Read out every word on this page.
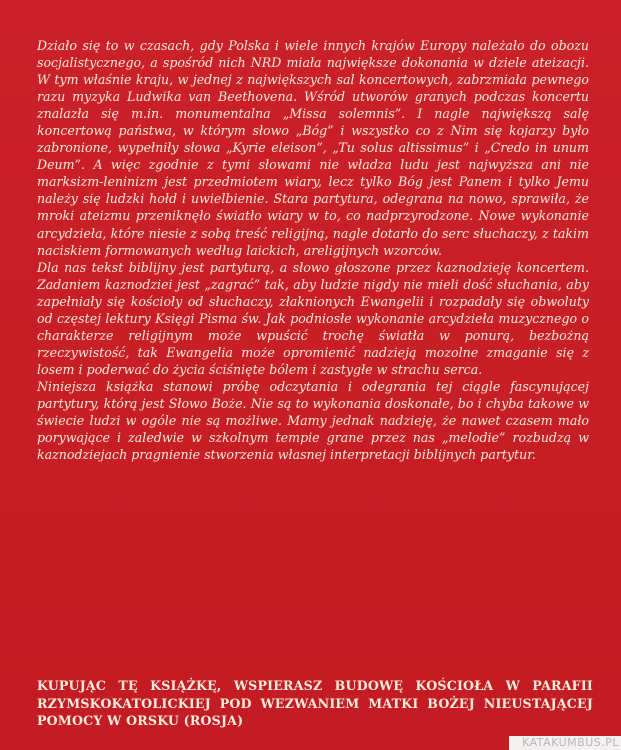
Działo się to w czasach, gdy Polska i wiele innych krajów Europy należało do obozu socjalistycznego, a spośród nich NRD miała największe dokonania w dziele ateizacji. W tym właśnie kraju, w jednej z największych sal koncertowych, zabrzmiała pewnego razu myzyka Ludwika van Beethovena. Wśród utworów granych podczas koncertu znalazła się m.in. monumentalna „Missa solemnis”. I nagle największą salę koncertową państwa, w którym słowo „Bóg” i wszystko co z Nim się kojarzy było zabronione, wypełniły słowa „Kyrie eleison”, „Tu solus altissimus” i „Credo in unum Deum”. A więc zgodnie z tymi słowami nie władza ludu jest najwyższa ani nie marksizm-leninizm jest przedmiotem wiary, lecz tylko Bóg jest Panem i tylko Jemu należy się ludzki hołd i uwielbienie. Stara partytura, odegrana na nowo, sprawiła, że mroki ateizmu przeniknęło światło wiary w to, co nadprzyrodzone. Nowe wykonanie arcydzieła, które niesie z sobą treść religijną, nagle dotarło do serc słuchaczy, z takim naciskiem formowanych według laickich, areligijnych wzorców.

Dla nas tekst biblijny jest partyturą, a słowo głoszone przez kaznodzieję koncertem. Zadaniem kaznodziei jest „zagrać” tak, aby ludzie nigdy nie mieli dość słuchania, aby zapełniały się kościoły od słuchaczy, złaknionych Ewangelii i rozpadały się obwoluty od częstej lektury Księgi Pisma św. Jak podniosłe wykonanie arcydzieła muzycznego o charakterze religijnym może wpuścić trochę światła w ponurą, bezbożną rzeczywistość, tak Ewangelia może opromienić nadzieją mozolne zmaganie się z losem i poderwać do życia ściśnięte bólem i zastygłe w strachu serca.

Niniejsza książka stanowi próbę odczytania i odegrania tej ciągle fascynującej partytury, którą jest Słowo Boże. Nie są to wykonania doskonałe, bo i chyba takowe w świecie ludzi w ogóle nie są możliwe. Mamy jednak nadzieję, że nawet czasem mało porywające i zaledwie w szkolnym tempie grane przez nas „melodie” rozbudzą w kaznodziejach pragnienie stworzenia własnej interpretacji biblijnych partytur.

KUPUJĄC TĘ KSIĄŻKĘ, WSPIERASZ BUDOWĘ KOŚCIOŁA W PARAFII RZYMSKOKATOLICKIEJ POD WEZWANIEM MATKI BOŻEJ NIEUSTAJĄCEJ POMOCY W ORSKU (ROSJA)
KATAKUMBUS.PL
